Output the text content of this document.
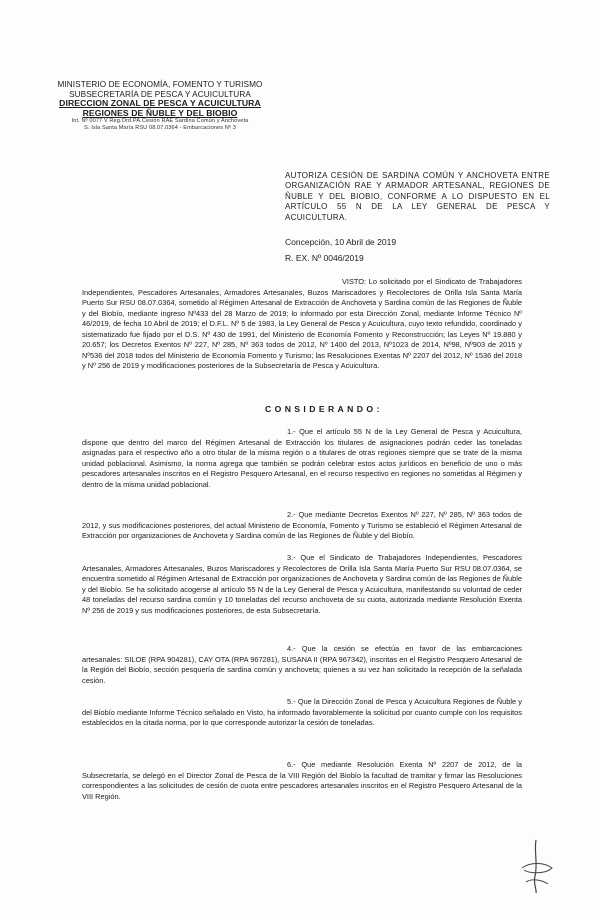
MINISTERIO DE ECONOMÍA, FOMENTO Y TURISMO
SUBSECRETARÍA DE PESCA Y ACUICULTURA
DIRECCION ZONAL DE PESCA Y ACUICULTURA
REGIONES DE ÑUBLE Y DEL BIOBIO
Int. Nº 0077 V Reg.Ord.PA.Cesión RAE Sardina Común y Anchoveta
S. Isla Santa María RSU 08.07.0364 - Embarcaciones Nº 3
AUTORIZA CESIÓN DE SARDINA COMÚN Y ANCHOVETA ENTRE ORGANIZACIÓN RAE Y ARMADOR ARTESANAL, REGIONES DE ÑUBLE Y DEL BIOBIO, CONFORME A LO DISPUESTO EN EL ARTÍCULO 55 N DE LA LEY GENERAL DE PESCA Y ACUICULTURA.
Concepción, 10 Abril de 2019
R. EX. Nº 0046/2019

VISTO: Lo solicitado por el Sindicato de Trabajadores Independientes, Pescadores Artesanales, Armadores Artesanales, Buzos Mariscadores y Recolectores de Orilla Isla Santa María Puerto Sur RSU 08.07.0364, sometido al Régimen Artesanal de Extracción de Anchoveta y Sardina común de las Regiones de Ñuble y del Biobío, mediante ingreso Nº433 del 28 Marzo de 2019; lo informado por esta Dirección Zonal, mediante Informe Técnico Nº 46/2019, de fecha 10 Abril de 2019; el D.F.L. Nº 5 de 1983, la Ley General de Pesca y Acuicultura, cuyo texto refundido, coordinado y sistematizado fue fijado por el D.S. Nº 430 de 1991, del Ministerio de Economía Fomento y Reconstrucción; las Leyes Nº 19.880 y 20.657; los Decretos Exentos Nº 227, Nº 285, Nº 363 todos de 2012, Nº 1400 del 2013, Nº1023 de 2014, Nº98, Nº903 de 2015 y Nº536 del 2018 todos del Ministerio de Economía Fomento y Turismo; las Resoluciones Exentas Nº 2207 del 2012, Nº 1536 del 2018 y Nº 256 de 2019 y modificaciones posteriores de la Subsecretaría de Pesca y Acuicultura.

CONSIDERANDO:

1.- Que el artículo 55 N de la Ley General de Pesca y Acuicultura, dispone que dentro del marco del Régimen Artesanal de Extracción los titulares de asignaciones podrán ceder las toneladas asignadas para el respectivo año a otro titular de la misma región o a titulares de otras regiones siempre que se trate de la misma unidad poblacional. Asimismo, la norma agrega que también se podrán celebrar estos actos jurídicos en beneficio de uno o más pescadores artesanales inscritos en el Registro Pesquero Artesanal, en el recurso respectivo en regiones no sometidas al Régimen y dentro de la misma unidad poblacional.

2.- Que mediante Decretos Exentos Nº 227, Nº 285, Nº 363 todos de 2012, y sus modificaciones posteriores, del actual Ministerio de Economía, Fomento y Turismo se estableció el Régimen Artesanal de Extracción por organizaciones de Anchoveta y Sardina común de las Regiones de Ñuble y del Biobío.

3.- Que el Sindicato de Trabajadores Independientes, Pescadores Artesanales, Armadores Artesanales, Buzos Mariscadores y Recolectores de Orilla Isla Santa María Puerto Sur RSU 08.07.0364, se encuentra sometido al Régimen Artesanal de Extracción por organizaciones de Anchoveta y Sardina común de las Regiones de Ñuble y del Biobío. Se ha solicitado acogerse al artículo 55 N de la Ley General de Pesca y Acuicultura, manifestando su voluntad de ceder 48 toneladas del recurso sardina común y 10 toneladas del recurso anchoveta de su cuota, autorizada mediante Resolución Exenta Nº 256 de 2019 y sus modificaciones posteriores, de esta Subsecretaría.

4.- Que la cesión se efectúa en favor de las embarcaciones artesanales: SILOE (RPA 904281), CAY OTA (RPA 967281), SUSANA II (RPA 967342), inscritas en el Registro Pesquero Artesanal de la Región del Biobío, sección pesquería de sardina común y anchoveta; quienes a su vez han solicitado la recepción de la señalada cesión.

5.- Que la Dirección Zonal de Pesca y Acuicultura Regiones de Ñuble y del Biobío mediante Informe Técnico señalado en Visto, ha informado favorablemente la solicitud por cuanto cumple con los requisitos establecidos en la citada norma, por lo que corresponde autorizar la cesión de toneladas.

6.- Que mediante Resolución Exenta Nº 2207 de 2012, de la Subsecretaría, se delegó en el Director Zonal de Pesca de la VIII Región del Biobío la facultad de tramitar y firmar las Resoluciones correspondientes a las solicitudes de cesión de cuota entre pescadores artesanales inscritos en el Registro Pesquero Artesanal de la VIII Región.
